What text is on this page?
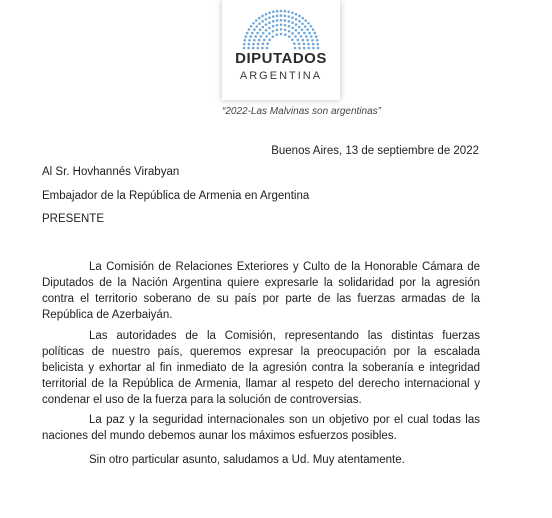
DIPUTADOS
ARGENTINA
“2022-Las Malvinas son argentinas”
Buenos Aires, 13 de septiembre de 2022
Al Sr. Hovhannés Virabyan
Embajador de la República de Armenia en Argentina
PRESENTE

La Comisión de Relaciones Exteriores y Culto de la Honorable Cámara de Diputados de la Nación Argentina quiere expresarle la solidaridad por la agresión contra el territorio soberano de su país por parte de las fuerzas armadas de la República de Azerbaiyán.

Las autoridades de la Comisión, representando las distintas fuerzas políticas de nuestro país, queremos expresar la preocupación por la escalada belicista y exhortar al fin inmediato de la agresión contra la soberanía e integridad territorial de la República de Armenia, llamar al respeto del derecho internacional y condenar el uso de la fuerza para la solución de controversias.

La paz y la seguridad internacionales son un objetivo por el cual todas las naciones del mundo debemos aunar los máximos esfuerzos posibles.

Sin otro particular asunto, saludamos a Ud. Muy atentamente.
